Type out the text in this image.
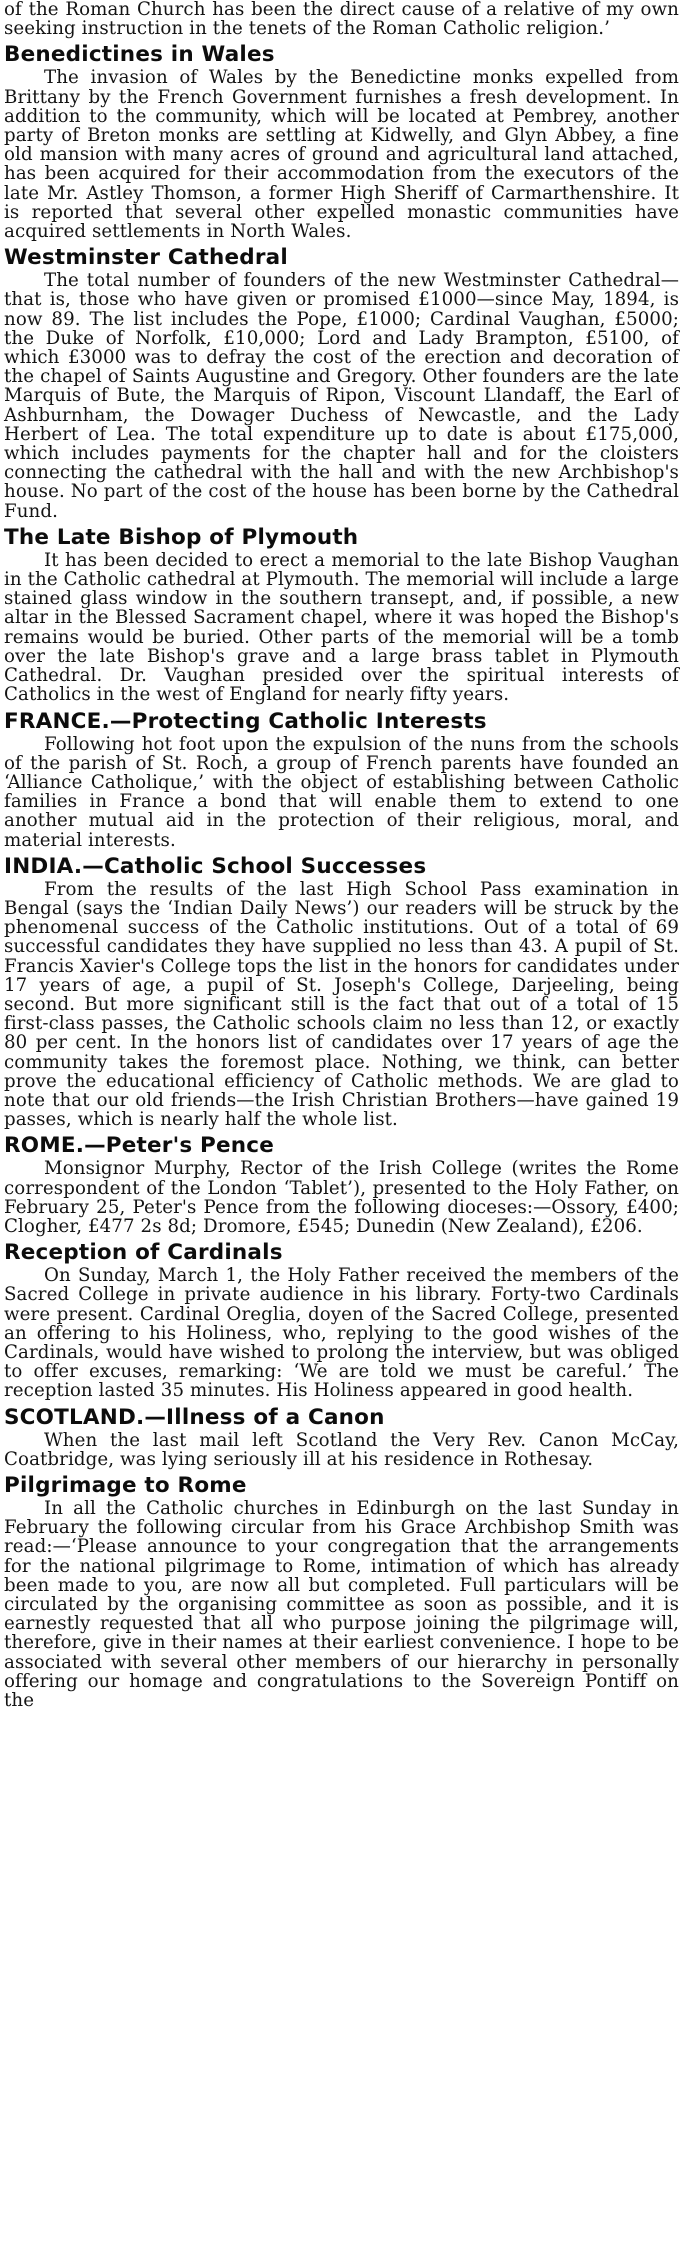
of the Roman Church has been the direct cause of a relative of my own seeking instruction in the tenets of the Roman Catholic religion.’

Benedictines in Wales

The invasion of Wales by the Benedictine monks expelled from Brittany by the French Government furnishes a fresh development. In addition to the community, which will be located at Pembrey, another party of Breton monks are settling at Kidwelly, and Glyn Abbey, a fine old mansion with many acres of ground and agricultural land attached, has been acquired for their accommodation from the executors of the late Mr. Astley Thomson, a former High Sheriff of Carmarthenshire. It is reported that several other expelled monastic communities have acquired settlements in North Wales.

Westminster Cathedral

The total number of founders of the new Westminster Cathedral—that is, those who have given or promised £1000—since May, 1894, is now 89. The list includes the Pope, £1000; Cardinal Vaughan, £5000; the Duke of Norfolk, £10,000; Lord and Lady Brampton, £5100, of which £3000 was to defray the cost of the erection and decoration of the chapel of Saints Augustine and Gregory. Other founders are the late Marquis of Bute, the Marquis of Ripon, Viscount Llandaff, the Earl of Ashburnham, the Dowager Duchess of Newcastle, and the Lady Herbert of Lea. The total expenditure up to date is about £175,000, which includes payments for the chapter hall and for the cloisters connecting the cathedral with the hall and with the new Archbishop's house. No part of the cost of the house has been borne by the Cathedral Fund.

The Late Bishop of Plymouth

It has been decided to erect a memorial to the late Bishop Vaughan in the Catholic cathedral at Plymouth. The memorial will include a large stained glass window in the southern transept, and, if possible, a new altar in the Blessed Sacrament chapel, where it was hoped the Bishop's remains would be buried. Other parts of the memorial will be a tomb over the late Bishop's grave and a large brass tablet in Plymouth Cathedral. Dr. Vaughan presided over the spiritual interests of Catholics in the west of England for nearly fifty years.

FRANCE.—Protecting Catholic Interests

Following hot foot upon the expulsion of the nuns from the schools of the parish of St. Roch, a group of French parents have founded an ‘Alliance Catholique,’ with the object of establishing between Catholic families in France a bond that will enable them to extend to one another mutual aid in the protection of their religious, moral, and material interests.

INDIA.—Catholic School Successes

From the results of the last High School Pass examination in Bengal (says the ‘Indian Daily News’) our readers will be struck by the phenomenal success of the Catholic institutions. Out of a total of 69 successful candidates they have supplied no less than 43. A pupil of St. Francis Xavier's College tops the list in the honors for candidates under 17 years of age, a pupil of St. Joseph's College, Darjeeling, being second. But more significant still is the fact that out of a total of 15 first-class passes, the Catholic schools claim no less than 12, or exactly 80 per cent. In the honors list of candidates over 17 years of age the community takes the foremost place. Nothing, we think, can better prove the educational efficiency of Catholic methods. We are glad to note that our old friends—the Irish Christian Brothers—have gained 19 passes, which is nearly half the whole list.

ROME.—Peter's Pence

Monsignor Murphy, Rector of the Irish College (writes the Rome correspondent of the London ‘Tablet’), presented to the Holy Father, on February 25, Peter's Pence from the following dioceses:—Ossory, £400; Clogher, £477 2s 8d; Dromore, £545; Dunedin (New Zealand), £206.

Reception of Cardinals

On Sunday, March 1, the Holy Father received the members of the Sacred College in private audience in his library. Forty-two Cardinals were present. Cardinal Oreglia, doyen of the Sacred College, presented an offering to his Holiness, who, replying to the good wishes of the Cardinals, would have wished to prolong the interview, but was obliged to offer excuses, remarking: ‘We are told we must be careful.’ The reception lasted 35 minutes. His Holiness appeared in good health.

SCOTLAND.—Illness of a Canon

When the last mail left Scotland the Very Rev. Canon McCay, Coatbridge, was lying seriously ill at his residence in Rothesay.

Pilgrimage to Rome

In all the Catholic churches in Edinburgh on the last Sunday in February the following circular from his Grace Archbishop Smith was read:—‘Please announce to your congregation that the arrangements for the national pilgrimage to Rome, intimation of which has already been made to you, are now all but completed. Full particulars will be circulated by the organising committee as soon as possible, and it is earnestly requested that all who purpose joining the pilgrimage will, therefore, give in their names at their earliest convenience. I hope to be associated with several other members of our hierarchy in personally offering our homage and congratulations to the Sovereign Pontiff on the
